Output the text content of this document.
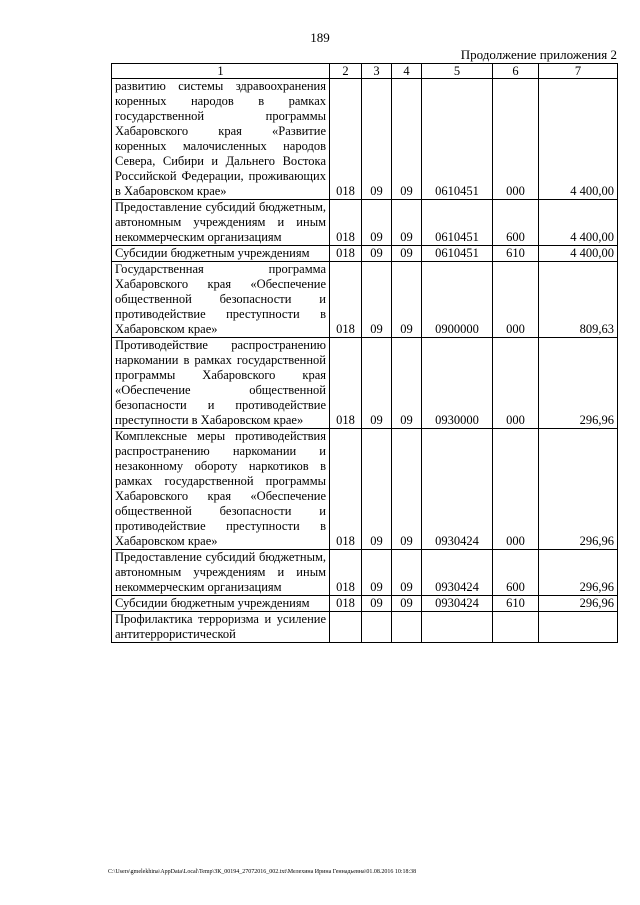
189
Продолжение приложения 2
1	2	3	4	5	6	7
развитию системы здравоохранения коренных народов в рамках государственной программы Хабаровского края «Развитие коренных малочисленных народов Севера, Сибири и Дальнего Востока Российской Федерации, проживающих в Хабаровском крае»	018	09	09	0610451	000	4 400,00
Предоставление субсидий бюджетным, автономным учреждениям и иным некоммерческим организациям	018	09	09	0610451	600	4 400,00
Субсидии бюджетным учреждениям	018	09	09	0610451	610	4 400,00
Государственная программа Хабаровского края «Обеспечение общественной безопасности и противодействие преступности в Хабаровском крае»	018	09	09	0900000	000	809,63
Противодействие распространению наркомании в рамках государственной программы Хабаровского края «Обеспечение общественной безопасности и противодействие преступности в Хабаровском крае»	018	09	09	0930000	000	296,96
Комплексные меры противодействия распространению наркомании и незаконному обороту наркотиков в рамках государственной программы Хабаровского края «Обеспечение общественной безопасности и противодействие преступности в Хабаровском крае»	018	09	09	0930424	000	296,96
Предоставление субсидий бюджетным, автономным учреждениям и иным некоммерческим организациям	018	09	09	0930424	600	296,96
Субсидии бюджетным учреждениям	018	09	09	0930424	610	296,96
Профилактика терроризма и усиление антитеррористической						
C:\Users\gmelekhina\AppData\Local\Temp\ЗК_00194_27072016_002.txt\Мелехина Ирина Геннадьевна\01.08.2016 10:18:38
